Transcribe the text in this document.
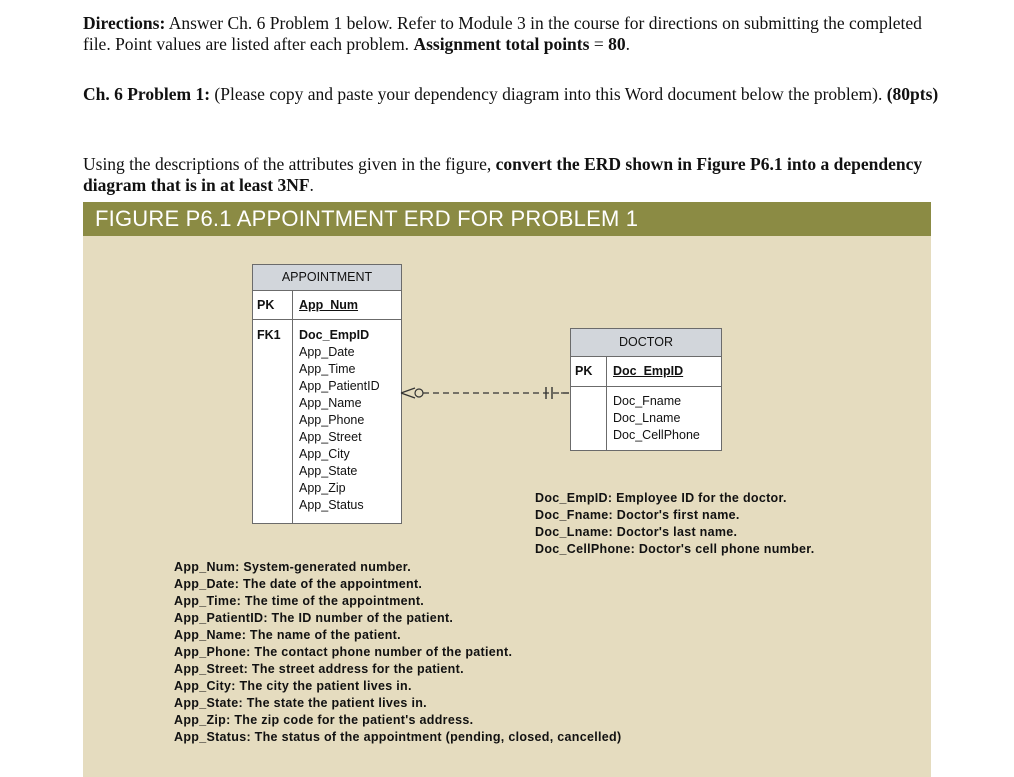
Directions: Answer Ch. 6 Problem 1 below. Refer to Module 3 in the course for directions on submitting the completed file. Point values are listed after each problem. Assignment total points = 80.
Ch. 6 Problem 1: (Please copy and paste your dependency diagram into this Word document below the problem). (80pts)
Using the descriptions of the attributes given in the figure, convert the ERD shown in Figure P6.1 into a dependency diagram that is in at least 3NF.
FIGURE P6.1 APPOINTMENT ERD FOR PROBLEM 1
APPOINTMENT
PK	App_Num
FK1	Doc_EmpID
App_Date
App_Time
App_PatientID
App_Name
App_Phone
App_Street
App_City
App_State
App_Zip
App_Status
DOCTOR
PK	Doc_EmpID
Doc_Fname
Doc_Lname
Doc_CellPhone
Doc_EmpID: Employee ID for the doctor.
Doc_Fname: Doctor's first name.
Doc_Lname: Doctor's last name.
Doc_CellPhone: Doctor's cell phone number.
App_Num: System-generated number.
App_Date: The date of the appointment.
App_Time: The time of the appointment.
App_PatientID: The ID number of the patient.
App_Name: The name of the patient.
App_Phone: The contact phone number of the patient.
App_Street: The street address for the patient.
App_City: The city the patient lives in.
App_State: The state the patient lives in.
App_Zip: The zip code for the patient's address.
App_Status: The status of the appointment (pending, closed, cancelled)
